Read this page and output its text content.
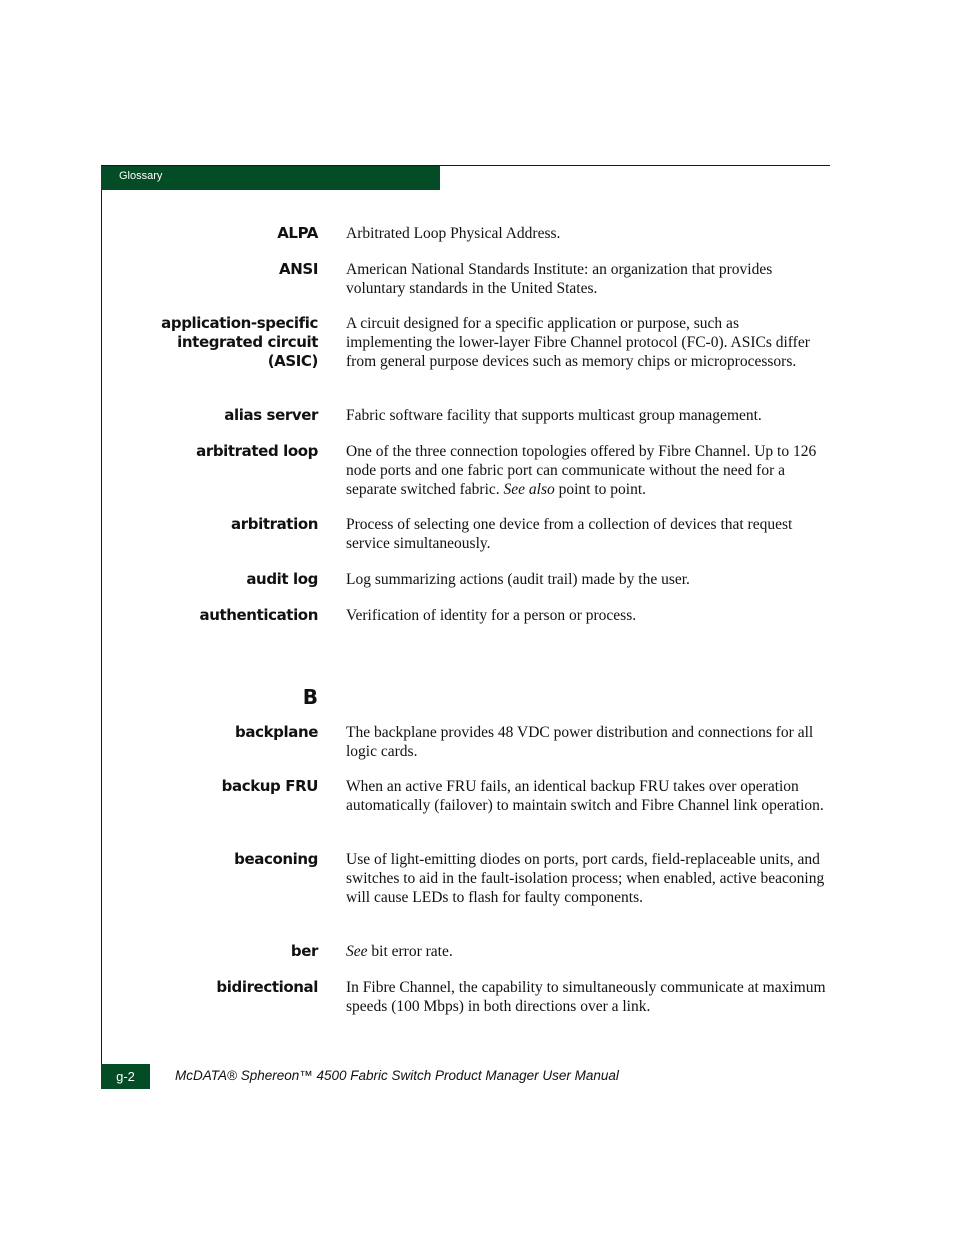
Glossary
ALPA Arbitrated Loop Physical Address.
ANSI American National Standards Institute: an organization that provides voluntary standards in the United States.
application-specific
integrated circuit
(ASIC)
A circuit designed for a specific application or purpose, such as implementing the lower-layer Fibre Channel protocol (FC-0). ASICs differ from general purpose devices such as memory chips or microprocessors.
alias server Fabric software facility that supports multicast group management.
arbitrated loop One of the three connection topologies offered by Fibre Channel. Up to 126 node ports and one fabric port can communicate without the need for a separate switched fabric. See also point to point.
arbitration Process of selecting one device from a collection of devices that request service simultaneously.
audit log Log summarizing actions (audit trail) made by the user.
authentication Verification of identity for a person or process.
B
backplane The backplane provides 48 VDC power distribution and connections for all logic cards.
backup FRU When an active FRU fails, an identical backup FRU takes over operation automatically (failover) to maintain switch and Fibre Channel link operation.
beaconing Use of light-emitting diodes on ports, port cards, field-replaceable units, and switches to aid in the fault-isolation process; when enabled, active beaconing will cause LEDs to flash for faulty components.
ber See bit error rate.
bidirectional In Fibre Channel, the capability to simultaneously communicate at maximum speeds (100 Mbps) in both directions over a link.
g-2	McDATA® Sphereon™ 4500 Fabric Switch Product Manager User Manual
